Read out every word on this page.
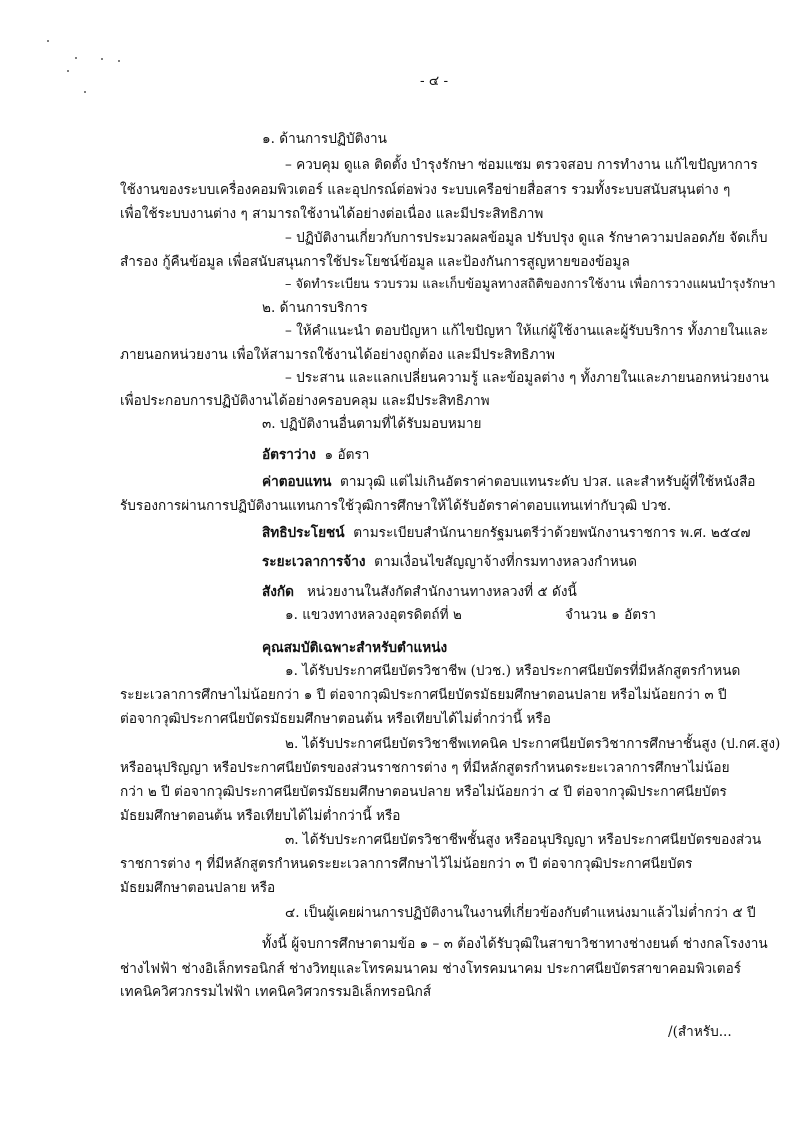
- ๔ -
๑. ด้านการปฏิบัติงาน
– ควบคุม ดูแล ติดตั้ง บำรุงรักษา ซ่อมแซม ตรวจสอบ การทำงาน แก้ไขปัญหาการ
ใช้งานของระบบเครื่องคอมพิวเตอร์ และอุปกรณ์ต่อพ่วง ระบบเครือข่ายสื่อสาร รวมทั้งระบบสนับสนุนต่าง ๆ
เพื่อใช้ระบบงานต่าง ๆ สามารถใช้งานได้อย่างต่อเนื่อง และมีประสิทธิภาพ
– ปฏิบัติงานเกี่ยวกับการประมวลผลข้อมูล ปรับปรุง ดูแล รักษาความปลอดภัย จัดเก็บ
สำรอง กู้คืนข้อมูล เพื่อสนับสนุนการใช้ประโยชน์ข้อมูล และป้องกันการสูญหายของข้อมูล
– จัดทำระเบียน รวบรวม และเก็บข้อมูลทางสถิติของการใช้งาน เพื่อการวางแผนบำรุงรักษา
๒. ด้านการบริการ
– ให้คำแนะนำ ตอบปัญหา แก้ไขปัญหา ให้แก่ผู้ใช้งานและผู้รับบริการ ทั้งภายในและ
ภายนอกหน่วยงาน เพื่อให้สามารถใช้งานได้อย่างถูกต้อง และมีประสิทธิภาพ
– ประสาน และแลกเปลี่ยนความรู้ และข้อมูลต่าง ๆ ทั้งภายในและภายนอกหน่วยงาน
เพื่อประกอบการปฏิบัติงานได้อย่างครอบคลุม และมีประสิทธิภาพ
๓. ปฏิบัติงานอื่นตามที่ได้รับมอบหมาย
อัตราว่าง ๑ อัตรา
ค่าตอบแทน ตามวุฒิ แต่ไม่เกินอัตราค่าตอบแทนระดับ ปวส. และสำหรับผู้ที่ใช้หนังสือ
รับรองการผ่านการปฏิบัติงานแทนการใช้วุฒิการศึกษาให้ได้รับอัตราค่าตอบแทนเท่ากับวุฒิ ปวช.
สิทธิประโยชน์ ตามระเบียบสำนักนายกรัฐมนตรีว่าด้วยพนักงานราชการ พ.ศ. ๒๕๔๗
ระยะเวลาการจ้าง ตามเงื่อนไขสัญญาจ้างที่กรมทางหลวงกำหนด
สังกัด หน่วยงานในสังกัดสำนักงานทางหลวงที่ ๕ ดังนี้
๑. แขวงทางหลวงอุตรดิตถ์ที่ ๒	จำนวน ๑ อัตรา
คุณสมบัติเฉพาะสำหรับตำแหน่ง
๑. ได้รับประกาศนียบัตรวิชาชีพ (ปวช.) หรือประกาศนียบัตรที่มีหลักสูตรกำหนด
ระยะเวลาการศึกษาไม่น้อยกว่า ๑ ปี ต่อจากวุฒิประกาศนียบัตรมัธยมศึกษาตอนปลาย หรือไม่น้อยกว่า ๓ ปี
ต่อจากวุฒิประกาศนียบัตรมัธยมศึกษาตอนต้น หรือเทียบได้ไม่ต่ำกว่านี้ หรือ
๒. ได้รับประกาศนียบัตรวิชาชีพเทคนิค ประกาศนียบัตรวิชาการศึกษาชั้นสูง (ป.กศ.สูง)
หรืออนุปริญญา หรือประกาศนียบัตรของส่วนราชการต่าง ๆ ที่มีหลักสูตรกำหนดระยะเวลาการศึกษาไม่น้อย
กว่า ๒ ปี ต่อจากวุฒิประกาศนียบัตรมัธยมศึกษาตอนปลาย หรือไม่น้อยกว่า ๔ ปี ต่อจากวุฒิประกาศนียบัตร
มัธยมศึกษาตอนต้น หรือเทียบได้ไม่ต่ำกว่านี้ หรือ
๓. ได้รับประกาศนียบัตรวิชาชีพชั้นสูง หรืออนุปริญญา หรือประกาศนียบัตรของส่วน
ราชการต่าง ๆ ที่มีหลักสูตรกำหนดระยะเวลาการศึกษาไว้ไม่น้อยกว่า ๓ ปี ต่อจากวุฒิประกาศนียบัตร
มัธยมศึกษาตอนปลาย หรือ
๔. เป็นผู้เคยผ่านการปฏิบัติงานในงานที่เกี่ยวข้องกับตำแหน่งมาแล้วไม่ต่ำกว่า ๕ ปี
ทั้งนี้ ผู้จบการศึกษาตามข้อ ๑ – ๓ ต้องได้รับวุฒิในสาขาวิชาทางช่างยนต์ ช่างกลโรงงาน
ช่างไฟฟ้า ช่างอิเล็กทรอนิกส์ ช่างวิทยุและโทรคมนาคม ช่างโทรคมนาคม ประกาศนียบัตรสาขาคอมพิวเตอร์
เทคนิควิศวกรรมไฟฟ้า เทคนิควิศวกรรมอิเล็กทรอนิกส์
/(สำหรับ...
